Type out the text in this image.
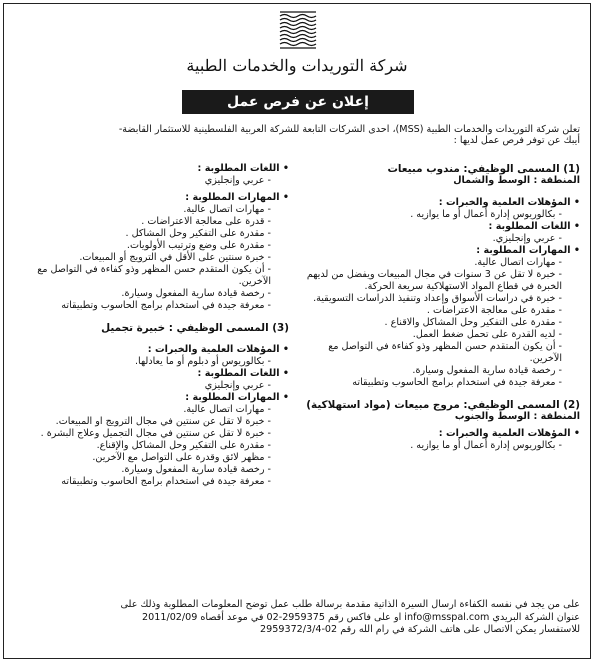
شركة التوريدات والخدمات الطبية
إعلان عن فرص عمل
تعلن شركة التوريدات والخدمات الطبية (MSS)، احدى الشركات التابعة للشركة العربية الفلسطينية للاستثمار القابضة-
أيبك عن توفر فرص عمل لديها :
(1) المسمى الوظيفي: مندوب مبيعات
المنطقة : الوسط والشمال
• المؤهلات العلمية والخبرات :
- بكالوريوس إدارة أعمال أو ما يوازيه .
• اللغات المطلوبة :
- عربي وإنجليزي.
• المهارات المطلوبة :
- مهارات اتصال عالية.
- خبرة لا تقل عن 3 سنوات في مجال المبيعات ويفضل من لديهم الخبرة في قطاع المواد الاستهلاكية سريعة الحركة.
- خبرة في دراسات الأسواق وإعداد وتنفيذ الدراسات التسويقية.
- مقدرة على معالجة الاعتراضات .
- مقدرة على التفكير وحل المشاكل والاقناع .
- لديه القدرة على تحمل ضغط العمل.
- أن يكون المتقدم حسن المظهر وذو كفاءة في التواصل مع الآخرين.
- رخصة قيادة سارية المفعول وسيارة.
- معرفة جيدة في استخدام برامج الحاسوب وتطبيقاته
(2) المسمى الوظيفي: مروج مبيعات (مواد استهلاكية)
المنطقة : الوسط والجنوب
• المؤهلات العلمية والخبرات :
- بكالوريوس إدارة أعمال أو ما يوازيه .
• اللغات المطلوبة :
- عربي وإنجليزي
• المهارات المطلوبة :
- مهارات اتصال عالية.
- قدرة على معالجة الاعتراضات .
- مقدرة على التفكير وحل المشاكل .
- مقدرة على وضع وترتيب الأولويات.
- خبرة سنتين على الأقل في الترويج أو المبيعات.
- أن يكون المتقدم حسن المظهر وذو كفاءة في التواصل مع الآخرين.
- رخصة قيادة سارية المفعول وسيارة.
- معرفة جيدة في استخدام برامج الحاسوب وتطبيقاته
(3) المسمى الوظيفي : خبيرة تجميل
• المؤهلات العلمية والخبرات :
- بكالوريوس أو دبلوم أو ما يعادلها.
• اللغات المطلوبة :
- عربي وإنجليزي
• المهارات المطلوبة :
- مهارات اتصال عالية.
- خبرة لا تقل عن سنتين في مجال الترويج او المبيعات.
- خبرة لا تقل عن سنتين في مجال التجميل وعلاج البشرة .
- مقدرة على التفكير وحل المشاكل والإقناع.
- مظهر لائق وقدرة على التواصل مع الآخرين.
- رخصة قيادة سارية المفعول وسيارة.
- معرفة جيدة في استخدام برامج الحاسوب وتطبيقاته
على من يجد في نفسه الكفاءة ارسال السيرة الذاتية مقدمة برسالة طلب عمل توضح المعلومات المطلوبة وذلك على
عنوان الشركة البريدي info@msspal.com او على فاكس رقم 2959375-02 في موعد أقصاه 2011/02/09
للاستفسار يمكن الاتصال على هاتف الشركة في رام الله رقم 02-2959372/3/4
